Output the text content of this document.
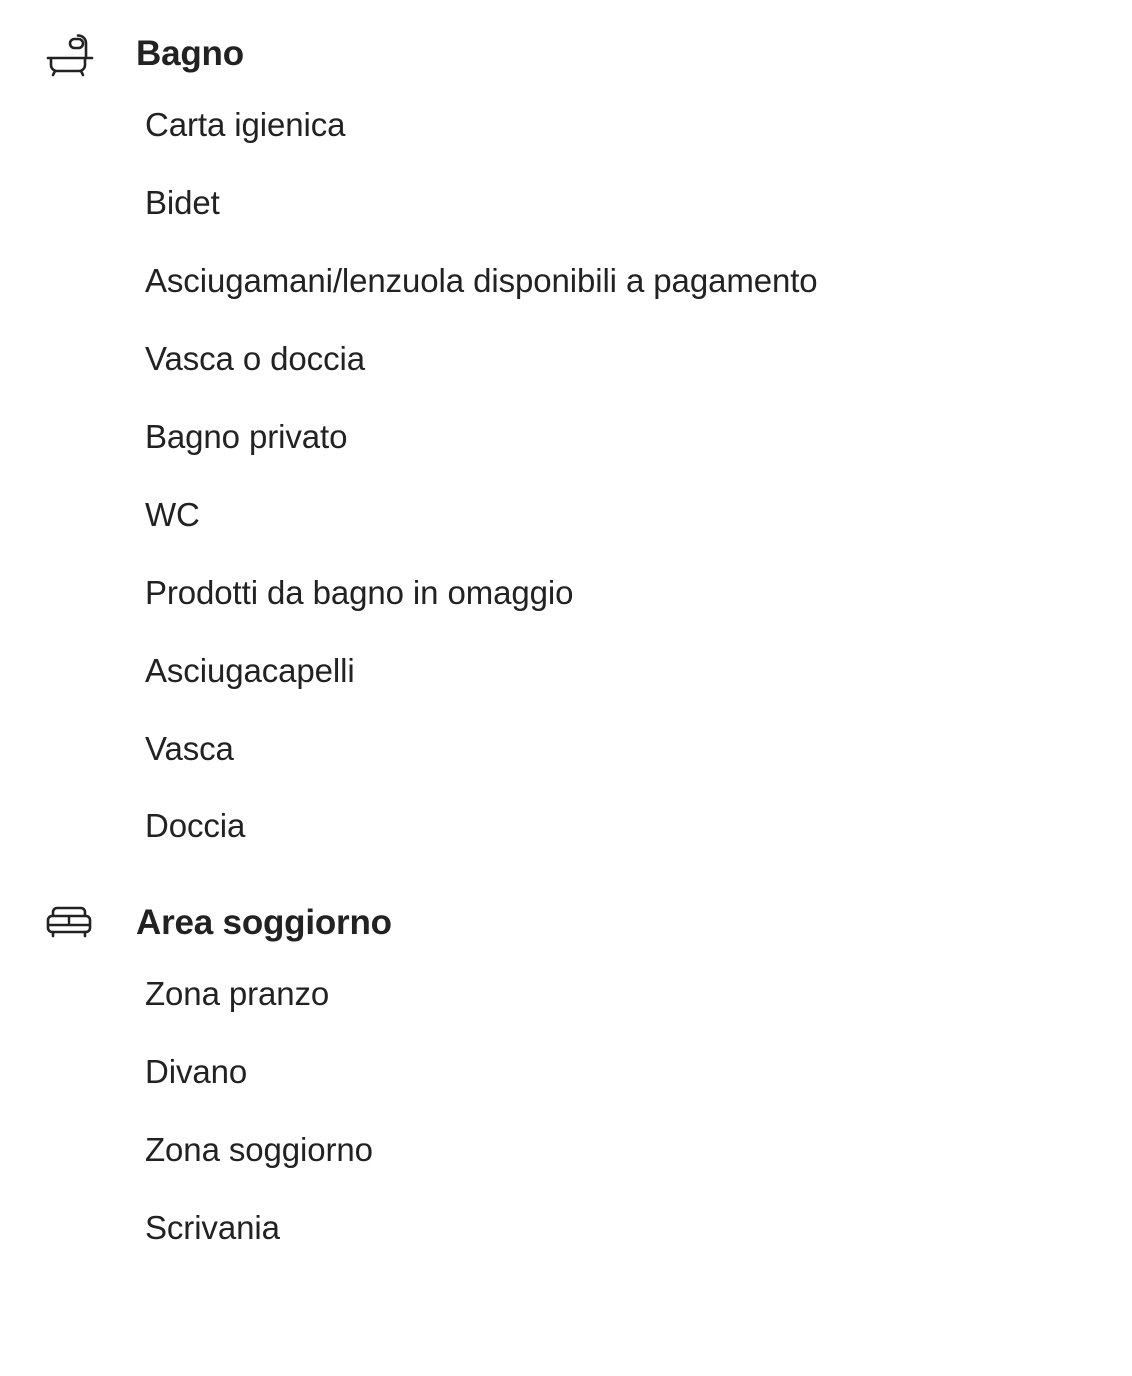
Bagno
Carta igienica
Bidet
Asciugamani/lenzuola disponibili a pagamento
Vasca o doccia
Bagno privato
WC
Prodotti da bagno in omaggio
Asciugacapelli
Vasca
Doccia
Area soggiorno
Zona pranzo
Divano
Zona soggiorno
Scrivania
